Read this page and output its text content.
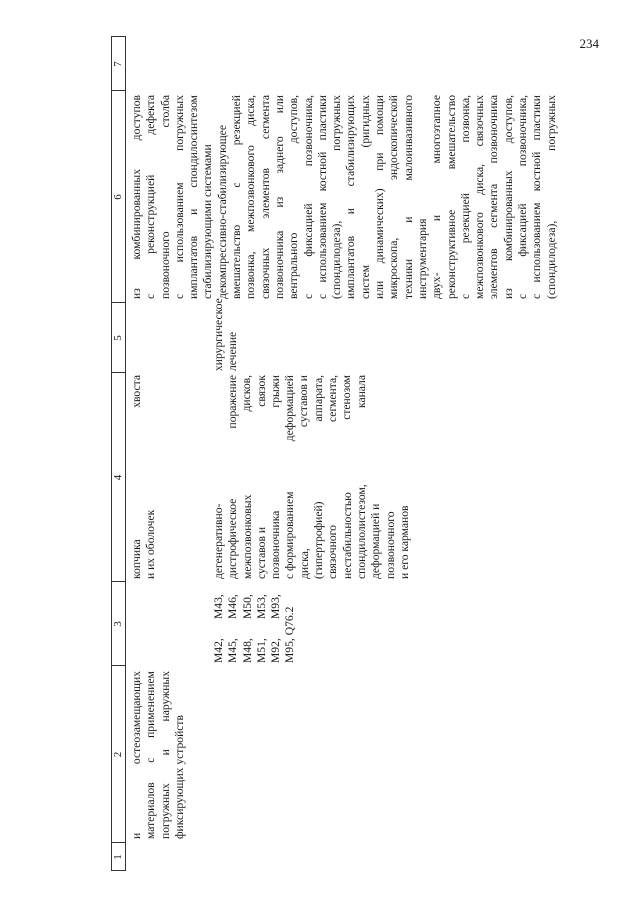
234
1
2
3
4
5
6
7
и остеозамещающих материалов с применением погружных и наружных фиксирующих устройств
M42, M45, M48, M51, M92, M95, Q76.2
копчика и их оболочек
M43, M46, M50, M53, M93,
дегенеративно- дистрофическое межпозвонковых суставов и позвоночника с формированием диска, (гипертрофией) связочного нестабильностью спондилолистезом, деформацией и позвоночного и его карманов
хвоста	поражение дисков, связок грыжи деформацией суставов и аппарата, сегмента, стенозом канала
хирургическое лечение
из комбинированных доступов с реконструкцией дефекта позвоночного столба с использованием погружных имплантатов и спондилосинтезом стабилизирующими системами декомпрессивно-стабилизирующее вмешательство с резекцией позвонка, межпозвонкового диска, связочных элементов сегмента позвоночника из заднего или вентрального доступов, с фиксацией позвоночника, с использованием костной пластики (спондилодеза), погружных имплантатов и стабилизирующих систем (ригидных или динамических) при помощи микроскопа, эндоскопической техники и малоинвазивного инструментария двух- и многоэтапное реконструктивное вмешательство с резекцией позвонка, межпозвонкового диска, связочных элементов сегмента позвоночника из комбинированных доступов, с фиксацией позвоночника, с использованием костной пластики (спондилодеза), погружных
